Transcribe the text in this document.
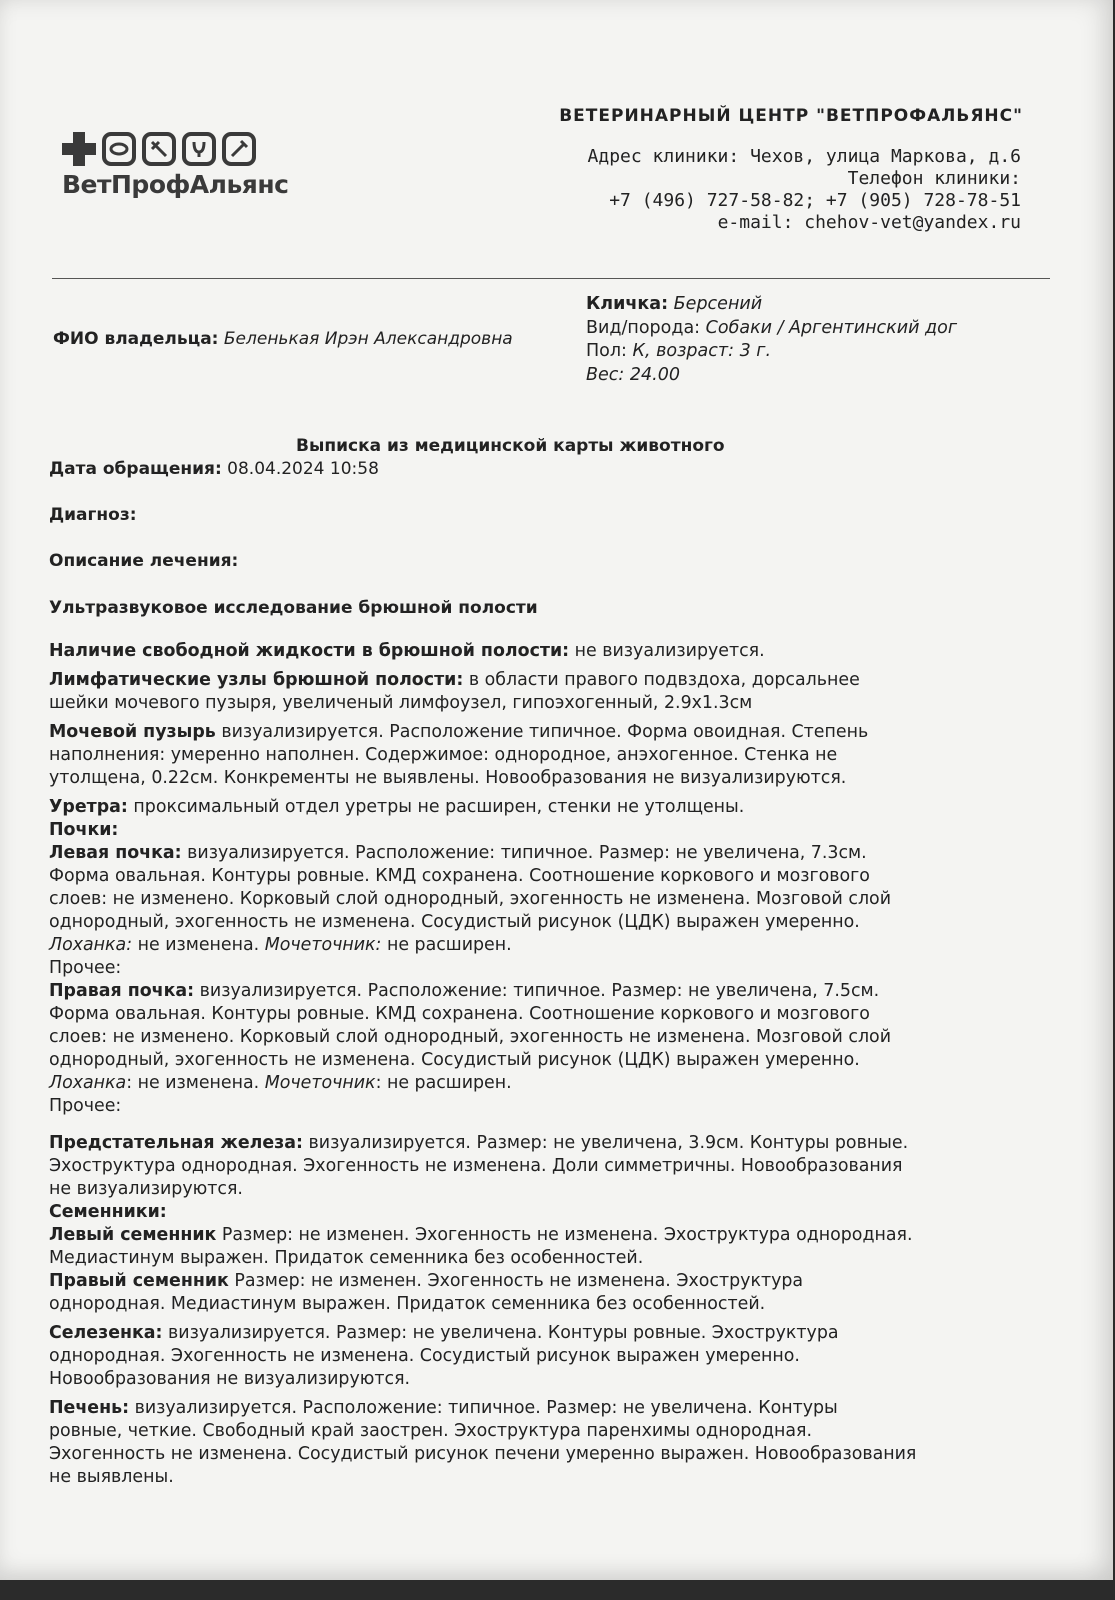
ВетПрофАльянс
ВЕТЕРИНАРНЫЙ ЦЕНТР "ВЕТПРОФАЛЬЯНС"
Адрес клиники: Чехов, улица Маркова, д.6
Телефон клиники:
+7 (496) 727-58-82; +7 (905) 728-78-51
e-mail: chehov-vet@yandex.ru
ФИО владельца: Беленькая Ирэн Александровна
Кличка: Берсений
Вид/порода: Собаки / Аргентинский дог
Пол: К, возраст: 3 г.
Вес: 24.00
Выписка из медицинской карты животного
Дата обращения: 08.04.2024 10:58
Диагноз:
Описание лечения:
Ультразвуковое исследование брюшной полости

Наличие свободной жидкости в брюшной полости: не визуализируется.

Лимфатические узлы брюшной полости: в области правого подвздоха, дорсальнее
шейки мочевого пузыря, увеличеный лимфоузел, гипоэхогенный, 2.9x1.3см

Мочевой пузырь визуализируется. Расположение типичное. Форма овоидная. Степень
наполнения: умеренно наполнен. Содержимое: однородное, анэхогенное. Стенка не
утолщена, 0.22см. Конкременты не выявлены. Новообразования не визуализируются.

Уретра: проксимальный отдел уретры не расширен, стенки не утолщены.

Почки:

Левая почка: визуализируется. Расположение: типичное. Размер: не увеличена, 7.3см.
Форма овальная. Контуры ровные. КМД сохранена. Соотношение коркового и мозгового
слоев: не изменено. Корковый слой однородный, эхогенность не изменена. Мозговой слой
однородный, эхогенность не изменена. Сосудистый рисунок (ЦДК) выражен умеренно.
Лоханка: не изменена. Мочеточник: не расширен.
Прочее:

Правая почка: визуализируется. Расположение: типичное. Размер: не увеличена, 7.5см.
Форма овальная. Контуры ровные. КМД сохранена. Соотношение коркового и мозгового
слоев: не изменено. Корковый слой однородный, эхогенность не изменена. Мозговой слой
однородный, эхогенность не изменена. Сосудистый рисунок (ЦДК) выражен умеренно.
Лоханка: не изменена. Мочеточник: не расширен.
Прочее:

Предстательная железа: визуализируется. Размер: не увеличена, 3.9см. Контуры ровные.
Эхоструктура однородная. Эхогенность не изменена. Доли симметричны. Новообразования
не визуализируются.

Семенники:

Левый семенник Размер: не изменен. Эхогенность не изменена. Эхоструктура однородная.
Медиастинум выражен. Придаток семенника без особенностей.

Правый семенник Размер: не изменен. Эхогенность не изменена. Эхоструктура
однородная. Медиастинум выражен. Придаток семенника без особенностей.

Селезенка: визуализируется. Размер: не увеличена. Контуры ровные. Эхоструктура
однородная. Эхогенность не изменена. Сосудистый рисунок выражен умеренно.
Новообразования не визуализируются.

Печень: визуализируется. Расположение: типичное. Размер: не увеличена. Контуры
ровные, четкие. Свободный край заострен. Эхоструктура паренхимы однородная.
Эхогенность не изменена. Сосудистый рисунок печени умеренно выражен. Новообразования
не выявлены.
